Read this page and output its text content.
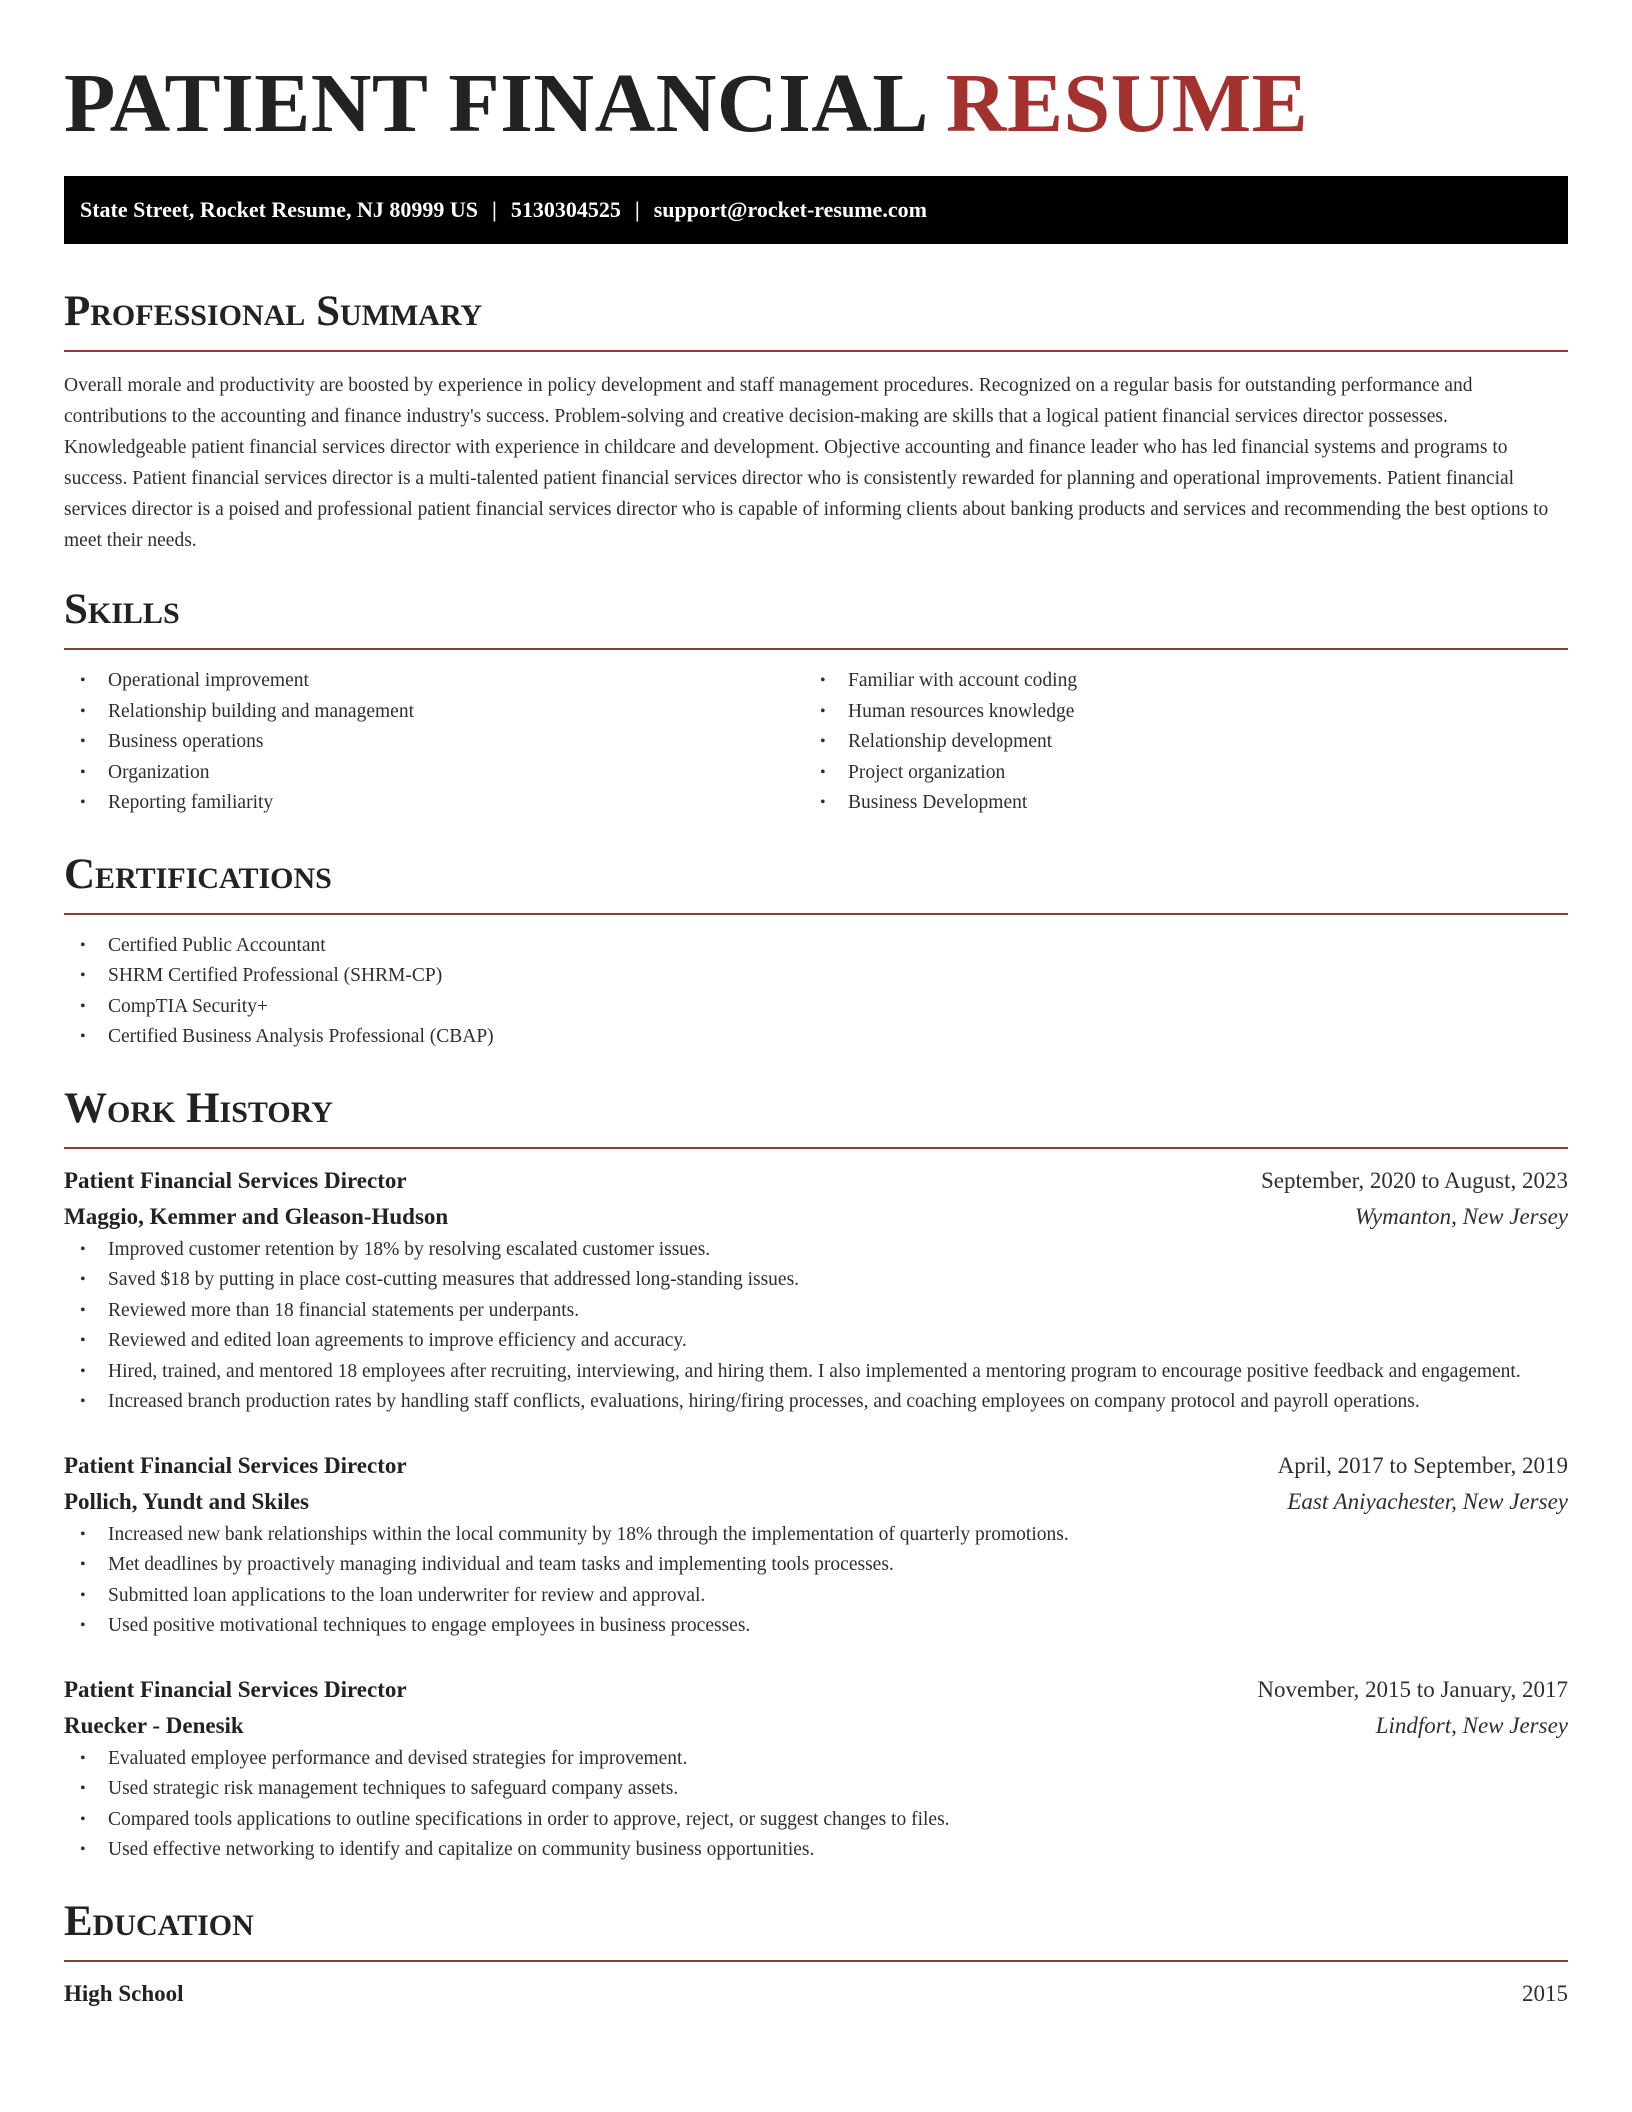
PATIENT FINANCIAL RESUME
State Street, Rocket Resume, NJ 80999 US | 5130304525 | support@rocket-resume.com
Professional Summary

Overall morale and productivity are boosted by experience in policy development and staff management procedures. Recognized on a regular basis for outstanding performance and contributions to the accounting and finance industry's success. Problem-solving and creative decision-making are skills that a logical patient financial services director possesses. Knowledgeable patient financial services director with experience in childcare and development. Objective accounting and finance leader who has led financial systems and programs to success. Patient financial services director is a multi-talented patient financial services director who is consistently rewarded for planning and operational improvements. Patient financial services director is a poised and professional patient financial services director who is capable of informing clients about banking products and services and recommending the best options to meet their needs.

Skills
• Operational improvement
• Relationship building and management
• Business operations
• Organization
• Reporting familiarity
• Familiar with account coding
• Human resources knowledge
• Relationship development
• Project organization
• Business Development
Certifications
• Certified Public Accountant
• SHRM Certified Professional (SHRM-CP)
• CompTIA Security+
• Certified Business Analysis Professional (CBAP)
Work History
Patient Financial Services Director	September, 2020 to August, 2023
Maggio, Kemmer and Gleason-Hudson	Wymanton, New Jersey
• Improved customer retention by 18% by resolving escalated customer issues.
• Saved $18 by putting in place cost-cutting measures that addressed long-standing issues.
• Reviewed more than 18 financial statements per underpants.
• Reviewed and edited loan agreements to improve efficiency and accuracy.
• Hired, trained, and mentored 18 employees after recruiting, interviewing, and hiring them. I also implemented a mentoring program to encourage positive feedback and engagement.
• Increased branch production rates by handling staff conflicts, evaluations, hiring/firing processes, and coaching employees on company protocol and payroll operations.
Patient Financial Services Director	April, 2017 to September, 2019
Pollich, Yundt and Skiles	East Aniyachester, New Jersey
• Increased new bank relationships within the local community by 18% through the implementation of quarterly promotions.
• Met deadlines by proactively managing individual and team tasks and implementing tools processes.
• Submitted loan applications to the loan underwriter for review and approval.
• Used positive motivational techniques to engage employees in business processes.
Patient Financial Services Director	November, 2015 to January, 2017
Ruecker - Denesik	Lindfort, New Jersey
• Evaluated employee performance and devised strategies for improvement.
• Used strategic risk management techniques to safeguard company assets.
• Compared tools applications to outline specifications in order to approve, reject, or suggest changes to files.
• Used effective networking to identify and capitalize on community business opportunities.
Education
High School	2015
